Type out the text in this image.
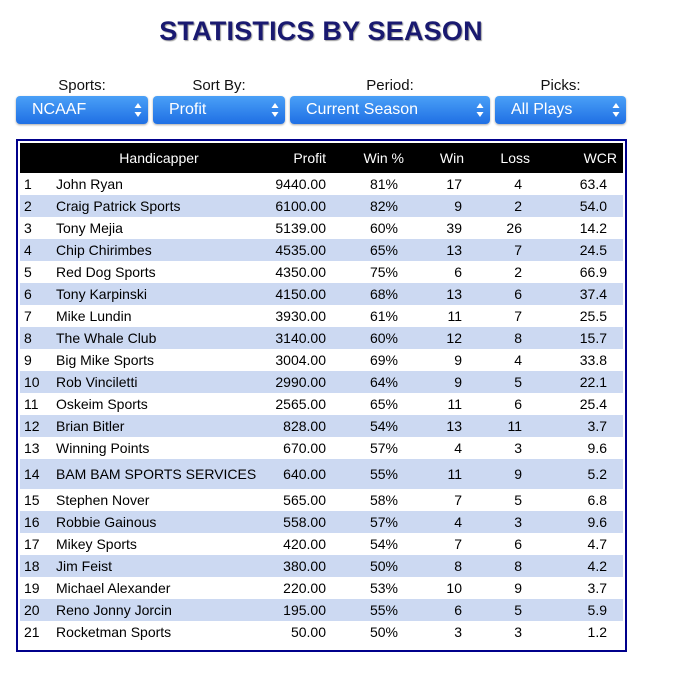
STATISTICS BY SEASON
Sports:
NCAAF
Sort By:
Profit
Period:
Current Season
Picks:
All Plays
	Handicapper	Profit	Win %	Win	Loss	WCR
1	John Ryan	9440.00	81%	17	4	63.4
2	Craig Patrick Sports	6100.00	82%	9	2	54.0
3	Tony Mejia	5139.00	60%	39	26	14.2
4	Chip Chirimbes	4535.00	65%	13	7	24.5
5	Red Dog Sports	4350.00	75%	6	2	66.9
6	Tony Karpinski	4150.00	68%	13	6	37.4
7	Mike Lundin	3930.00	61%	11	7	25.5
8	The Whale Club	3140.00	60%	12	8	15.7
9	Big Mike Sports	3004.00	69%	9	4	33.8
10	Rob Vinciletti	2990.00	64%	9	5	22.1
11	Oskeim Sports	2565.00	65%	11	6	25.4
12	Brian Bitler	828.00	54%	13	11	3.7
13	Winning Points	670.00	57%	4	3	9.6
14	BAM BAM SPORTS SERVICES	640.00	55%	11	9	5.2
15	Stephen Nover	565.00	58%	7	5	6.8
16	Robbie Gainous	558.00	57%	4	3	9.6
17	Mikey Sports	420.00	54%	7	6	4.7
18	Jim Feist	380.00	50%	8	8	4.2
19	Michael Alexander	220.00	53%	10	9	3.7
20	Reno Jonny Jorcin	195.00	55%	6	5	5.9
21	Rocketman Sports	50.00	50%	3	3	1.2
